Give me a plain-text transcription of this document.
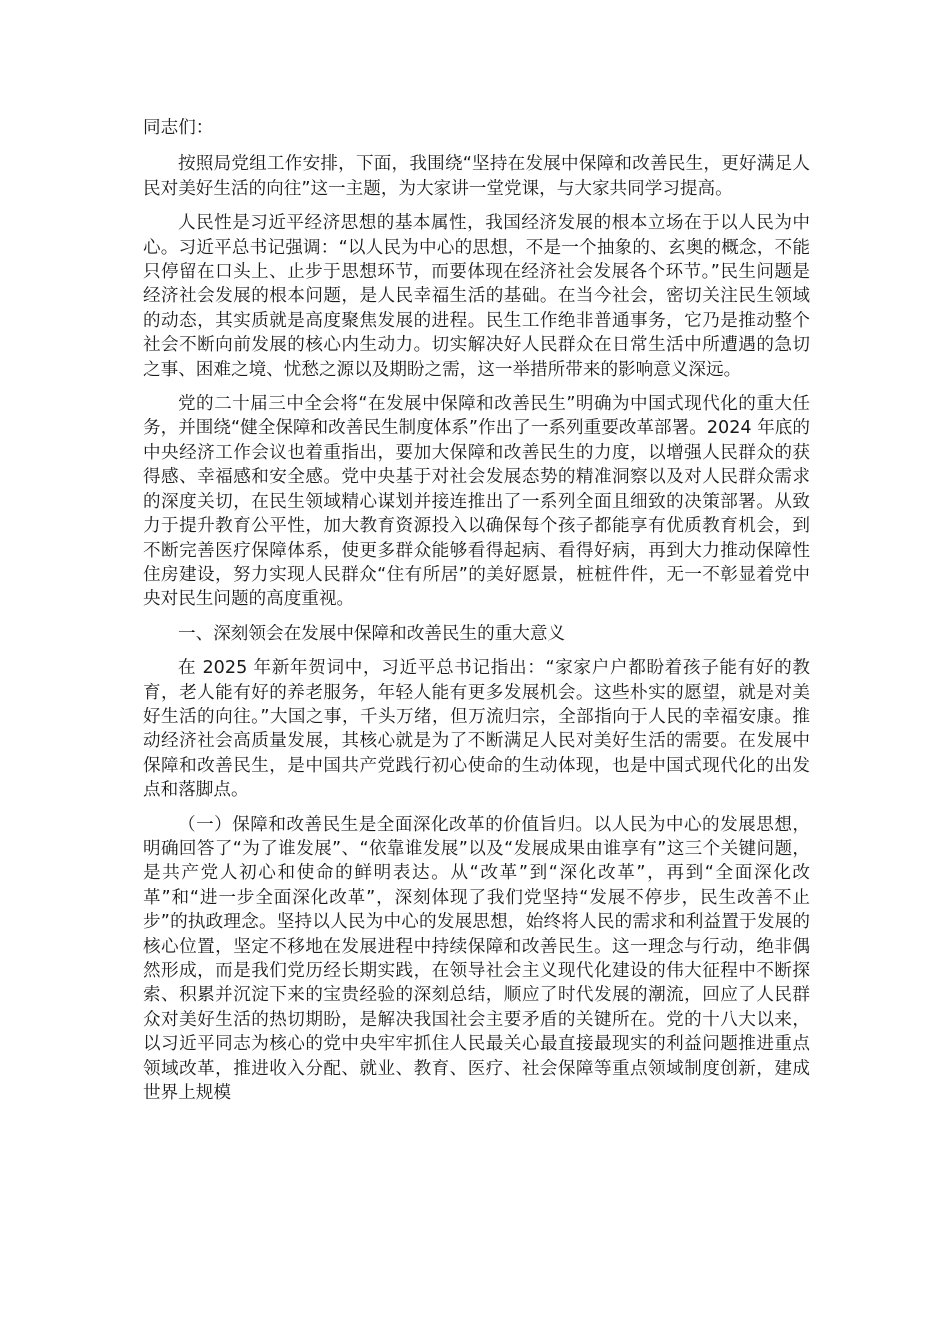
同志们：

按照局党组工作安排，下面，我围绕“坚持在发展中保障和改善民生，更好满足人民对美好生活的向往”这一主题，为大家讲一堂党课，与大家共同学习提高。

人民性是习近平经济思想的基本属性，我国经济发展的根本立场在于以人民为中心。习近平总书记强调：“以人民为中心的思想，不是一个抽象的、玄奥的概念，不能只停留在口头上、止步于思想环节，而要体现在经济社会发展各个环节。”民生问题是经济社会发展的根本问题，是人民幸福生活的基础。在当今社会，密切关注民生领域的动态，其实质就是高度聚焦发展的进程。民生工作绝非普通事务，它乃是推动整个社会不断向前发展的核心内生动力。切实解决好人民群众在日常生活中所遭遇的急切之事、困难之境、忧愁之源以及期盼之需，这一举措所带来的影响意义深远。

党的二十届三中全会将“在发展中保障和改善民生”明确为中国式现代化的重大任务，并围绕“健全保障和改善民生制度体系”作出了一系列重要改革部署。2024 年底的中央经济工作会议也着重指出，要加大保障和改善民生的力度，以增强人民群众的获得感、幸福感和安全感。党中央基于对社会发展态势的精准洞察以及对人民群众需求的深度关切，在民生领域精心谋划并接连推出了一系列全面且细致的决策部署。从致力于提升教育公平性，加大教育资源投入以确保每个孩子都能享有优质教育机会，到不断完善医疗保障体系，使更多群众能够看得起病、看得好病，再到大力推动保障性住房建设，努力实现人民群众“住有所居”的美好愿景，桩桩件件，无一不彰显着党中央对民生问题的高度重视。

一、深刻领会在发展中保障和改善民生的重大意义

在 2025 年新年贺词中，习近平总书记指出：“家家户户都盼着孩子能有好的教育，老人能有好的养老服务，年轻人能有更多发展机会。这些朴实的愿望，就是对美好生活的向往。”大国之事，千头万绪，但万流归宗，全部指向于人民的幸福安康。推动经济社会高质量发展，其核心就是为了不断满足人民对美好生活的需要。在发展中保障和改善民生，是中国共产党践行初心使命的生动体现，也是中国式现代化的出发点和落脚点。

（一）保障和改善民生是全面深化改革的价值旨归。以人民为中心的发展思想，明确回答了“为了谁发展”、“依靠谁发展”以及“发展成果由谁享有”这三个关键问题，是共产党人初心和使命的鲜明表达。从“改革”到“深化改革”，再到“全面深化改革”和“进一步全面深化改革”，深刻体现了我们党坚持“发展不停步，民生改善不止步”的执政理念。坚持以人民为中心的发展思想，始终将人民的需求和利益置于发展的核心位置，坚定不移地在发展进程中持续保障和改善民生。这一理念与行动，绝非偶然形成，而是我们党历经长期实践，在领导社会主义现代化建设的伟大征程中不断探索、积累并沉淀下来的宝贵经验的深刻总结，顺应了时代发展的潮流，回应了人民群众对美好生活的热切期盼，是解决我国社会主要矛盾的关键所在。党的十八大以来，以习近平同志为核心的党中央牢牢抓住人民最关心最直接最现实的利益问题推进重点领域改革，推进收入分配、就业、教育、医疗、社会保障等重点领域制度创新，建成世界上规模
